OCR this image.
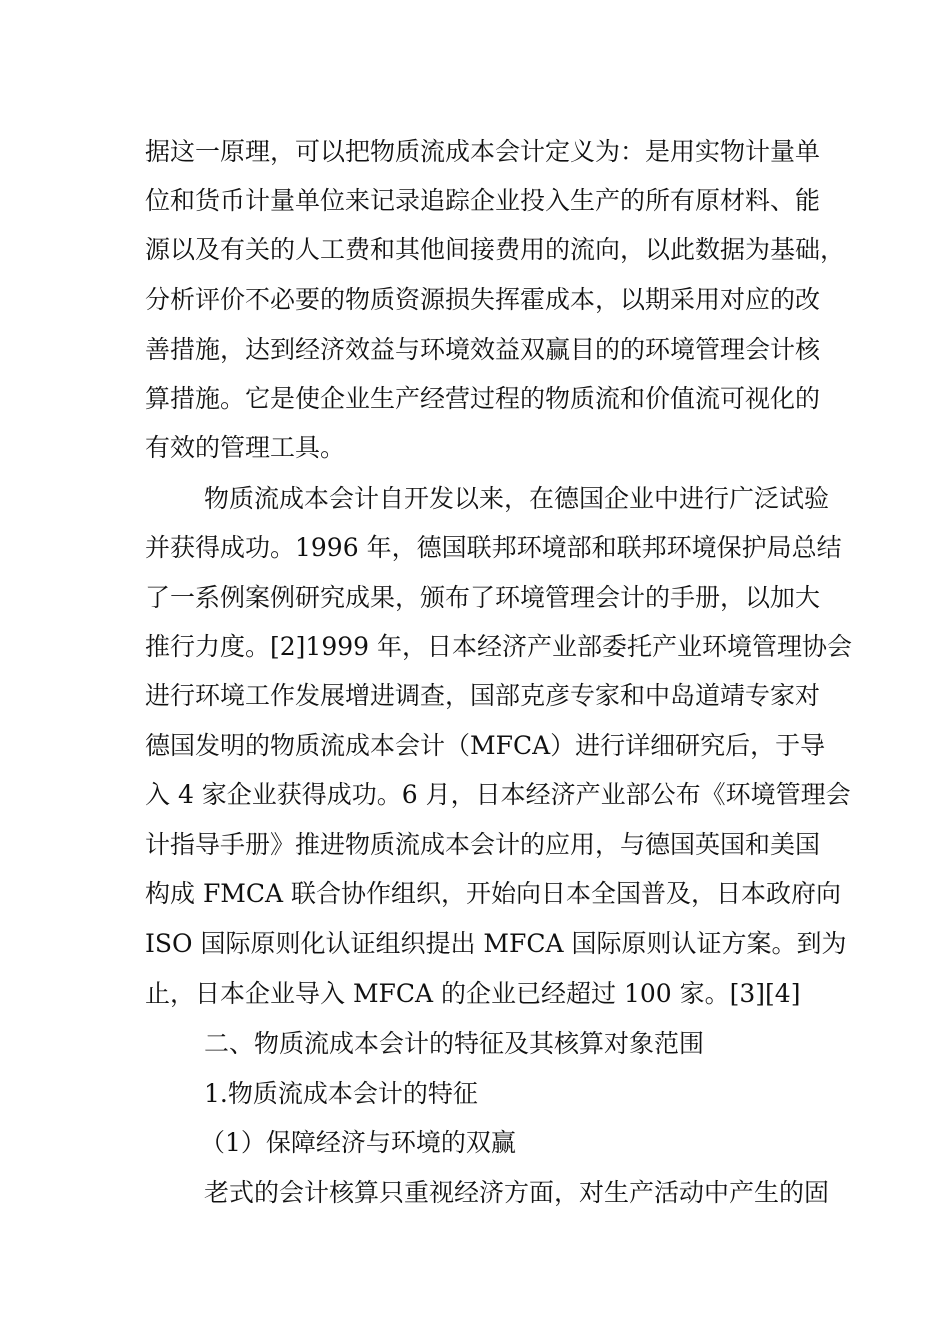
据这一原理，可以把物质流成本会计定义为：是用实物计量单
位和货币计量单位来记录追踪企业投入生产的所有原材料、能
源以及有关的人工费和其他间接费用的流向，以此数据为基础，
分析评价不必要的物质资源损失挥霍成本，以期采用对应的改
善措施，达到经济效益与环境效益双赢目的的环境管理会计核
算措施。它是使企业生产经营过程的物质流和价值流可视化的
有效的管理工具。
物质流成本会计自开发以来，在德国企业中进行广泛试验
并获得成功。1996 年，德国联邦环境部和联邦环境保护局总结
了一系例案例研究成果，颁布了环境管理会计的手册，以加大
推行力度。[2]1999 年，日本经济产业部委托产业环境管理协会
进行环境工作发展增进调查，国部克彦专家和中岛道靖专家对
德国发明的物质流成本会计（MFCA）进行详细研究后，于导
入 4 家企业获得成功。6 月，日本经济产业部公布《环境管理会
计指导手册》推进物质流成本会计的应用，与德国英国和美国
构成 FMCA 联合协作组织，开始向日本全国普及，日本政府向
ISO 国际原则化认证组织提出 MFCA 国际原则认证方案。到为
止，日本企业导入 MFCA 的企业已经超过 100 家。[3][4]
二、物质流成本会计的特征及其核算对象范围
1.物质流成本会计的特征
（1）保障经济与环境的双赢
老式的会计核算只重视经济方面，对生产活动中产生的固
